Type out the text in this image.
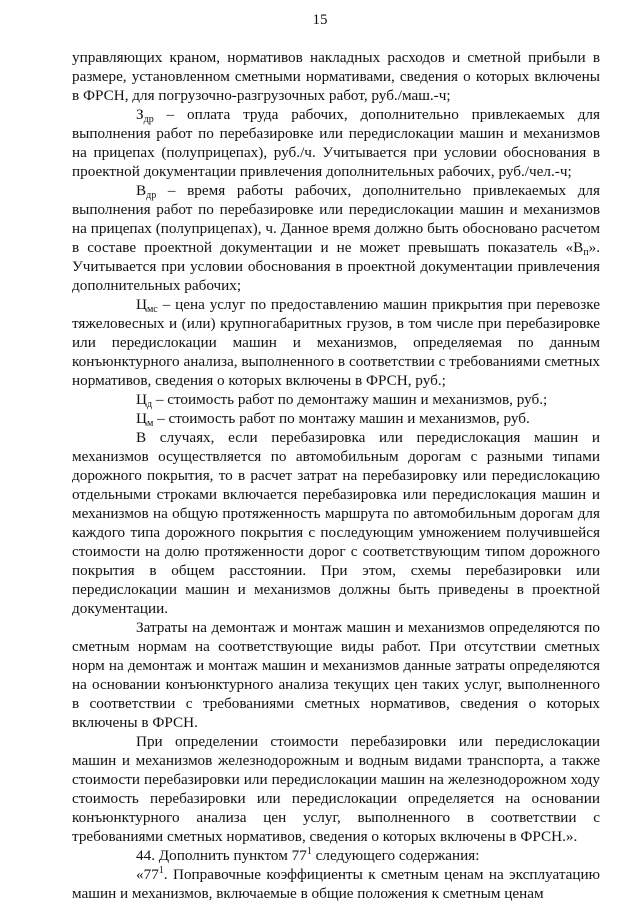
15

управляющих краном, нормативов накладных расходов и сметной прибыли в размере, установленном сметными нормативами, сведения о которых включены в ФРСН, для погрузочно-разгрузочных работ, руб./маш.-ч;

$З_{др}$ – оплата труда рабочих, дополнительно привлекаемых для выполнения работ по перебазировке или передислокации машин и механизмов на прицепах (полуприцепах), руб./ч. Учитывается при условии обоснования в проектной документации привлечения дополнительных рабочих, руб./чел.-ч;

$В_{др}$ – время работы рабочих, дополнительно привлекаемых для выполнения работ по перебазировке или передислокации машин и механизмов на прицепах (полуприцепах), ч. Данное время должно быть обосновано расчетом в составе проектной документации и не может превышать показатель «$В_п$». Учитывается при условии обоснования в проектной документации привлечения дополнительных рабочих;

$Ц_{мс}$ – цена услуг по предоставлению машин прикрытия при перевозке тяжеловесных и (или) крупногабаритных грузов, в том числе при перебазировке или передислокации машин и механизмов, определяемая по данным конъюнктурного анализа, выполненного в соответствии с требованиями сметных нормативов, сведения о которых включены в ФРСН, руб.;

$Ц_д$ – стоимость работ по демонтажу машин и механизмов, руб.;

$Ц_м$ – стоимость работ по монтажу машин и механизмов, руб.

В случаях, если перебазировка или передислокация машин и механизмов осуществляется по автомобильным дорогам с разными типами дорожного покрытия, то в расчет затрат на перебазировку или передислокацию отдельными строками включается перебазировка или передислокация машин и механизмов на общую протяженность маршрута по автомобильным дорогам для каждого типа дорожного покрытия с последующим умножением получившейся стоимости на долю протяженности дорог с соответствующим типом дорожного покрытия в общем расстоянии. При этом, схемы перебазировки или передислокации машин и механизмов должны быть приведены в проектной документации.

Затраты на демонтаж и монтаж машин и механизмов определяются по сметным нормам на соответствующие виды работ. При отсутствии сметных норм на демонтаж и монтаж машин и механизмов данные затраты определяются на основании конъюнктурного анализа текущих цен таких услуг, выполненного в соответствии с требованиями сметных нормативов, сведения о которых включены в ФРСН.

При определении стоимости перебазировки или передислокации машин и механизмов железнодорожным и водным видами транспорта, а также стоимости перебазировки или передислокации машин на железнодорожном ходу стоимость перебазировки или передислокации определяется на основании конъюнктурного анализа цен услуг, выполненного в соответствии с требованиями сметных нормативов, сведения о которых включены в ФРСН.».

44. Дополнить пунктом $77^1$ следующего содержания:

«$77^1$. Поправочные коэффициенты к сметным ценам на эксплуатацию машин и механизмов, включаемые в общие положения к сметным ценам
